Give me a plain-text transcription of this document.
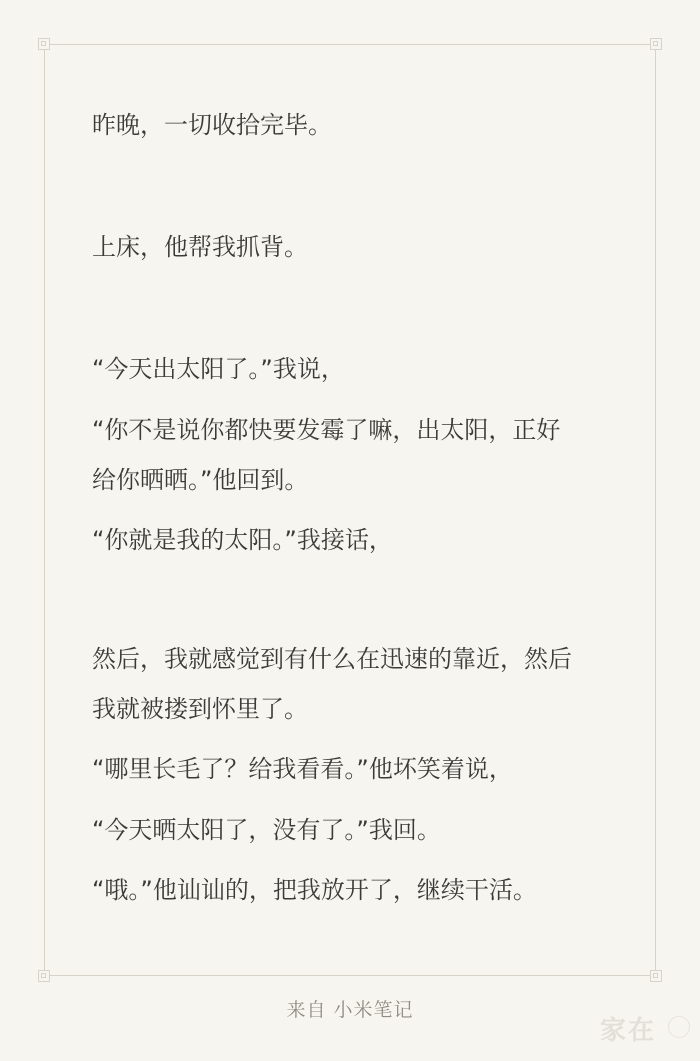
昨晚，一切收拾完毕。
上床，他帮我抓背。
“今天出太阳了。”我说，
“你不是说你都快要发霉了嘛，出太阳，正好
给你晒晒。”他回到。
“你就是我的太阳。”我接话，
然后，我就感觉到有什么在迅速的靠近，然后
我就被搂到怀里了。
“哪里长毛了？给我看看。”他坏笑着说，
“今天晒太阳了，没有了。”我回。
“哦。”他讪讪的，把我放开了，继续干活。
来自 小米笔记
家在
